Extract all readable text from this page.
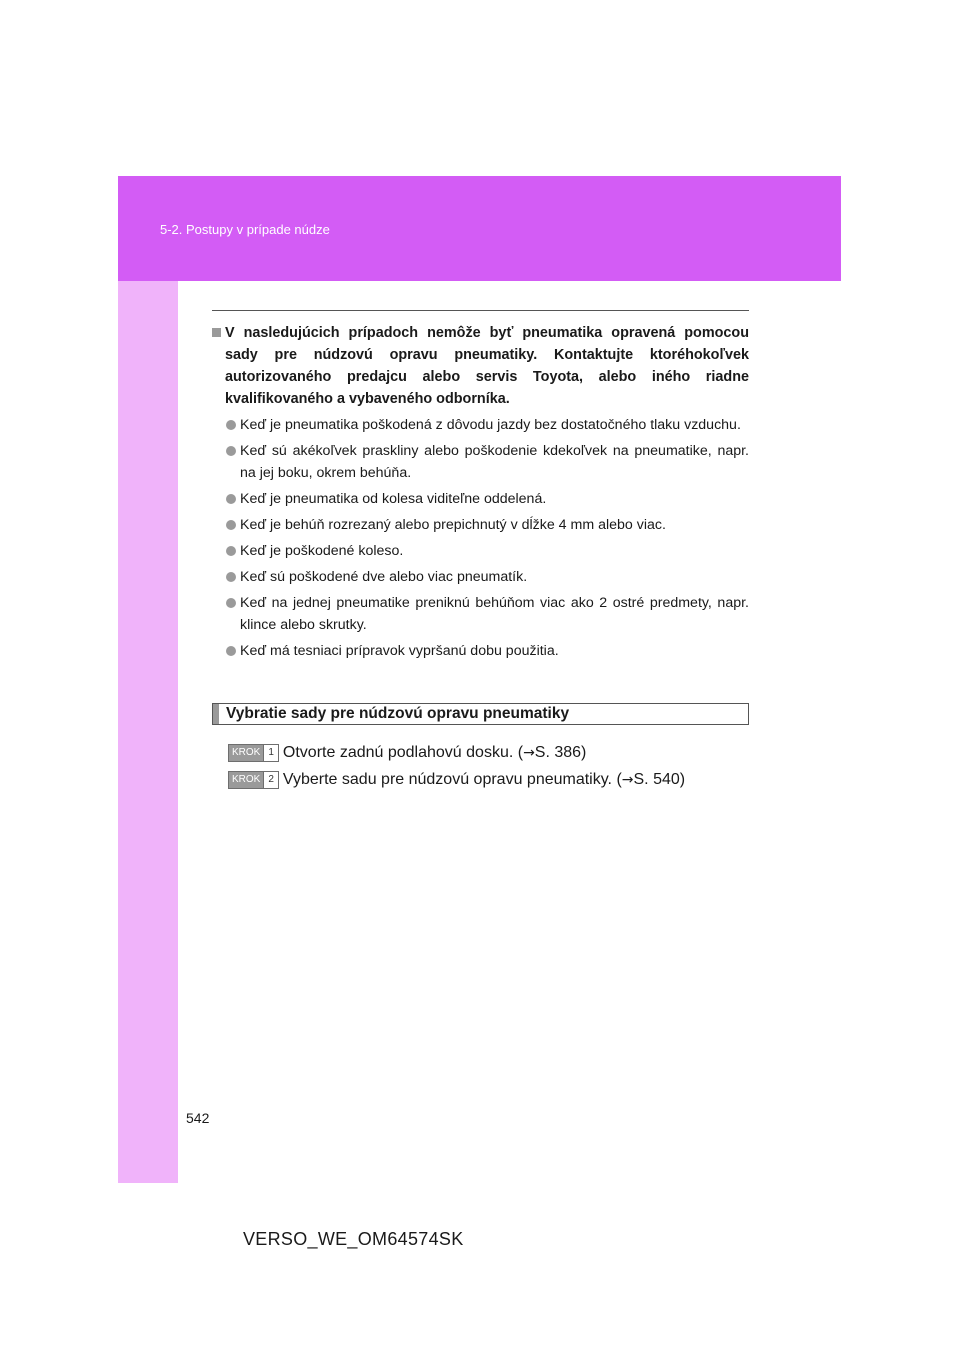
5-2. Postupy v prípade núdze
V nasledujúcich prípadoch nemôže byť pneumatika opravená pomocou sady pre núdzovú opravu pneumatiky. Kontaktujte ktoréhokoľvek autorizovaného predajcu alebo servis Toyota, alebo iného riadne kvalifikovaného a vybaveného odborníka.
Keď je pneumatika poškodená z dôvodu jazdy bez dostatočného tlaku vzduchu.
Keď sú akékoľvek praskliny alebo poškodenie kdekoľvek na pneumatike, napr. na jej boku, okrem behúňa.
Keď je pneumatika od kolesa viditeľne oddelená.
Keď je behúň rozrezaný alebo prepichnutý v dĺžke 4 mm alebo viac.
Keď je poškodené koleso.
Keď sú poškodené dve alebo viac pneumatík.
Keď na jednej pneumatike preniknú behúňom viac ako 2 ostré predmety, napr. klince alebo skrutky.
Keď má tesniaci prípravok vypršanú dobu použitia.
Vybratie sady pre núdzovú opravu pneumatiky
KROK 1 Otvorte zadnú podlahovú dosku. (→S. 386)
KROK 2 Vyberte sadu pre núdzovú opravu pneumatiky. (→S. 540)
542
VERSO_WE_OM64574SK
